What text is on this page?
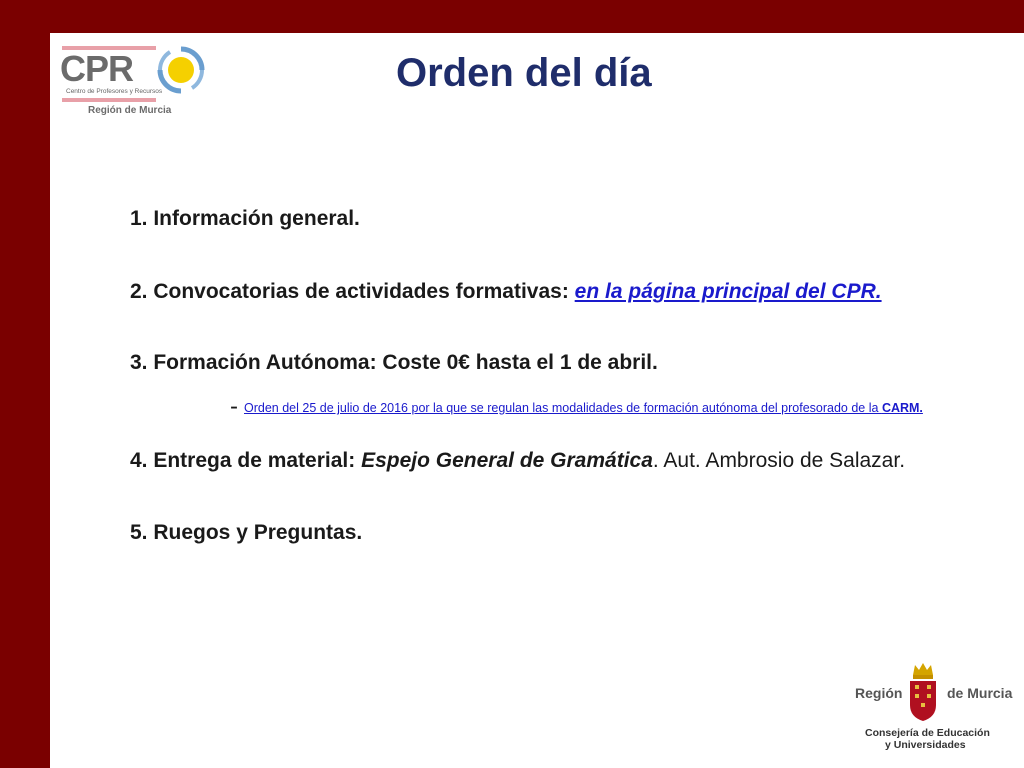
CPR
Centro de Profesores y Recursos
Región de Murcia
Orden del día
1. Información general.
2. Convocatorias de actividades formativas: en la página principal del CPR.
3. Formación Autónoma: Coste 0€ hasta el 1 de abril.
- Orden del 25 de julio de 2016 por la que se regulan las modalidades de formación autónoma del profesorado de la CARM.
4. Entrega de material: Espejo General de Gramática. Aut. Ambrosio de Salazar.
5. Ruegos y Preguntas.
Región	de Murcia
Consejería de Educación
y Universidades
